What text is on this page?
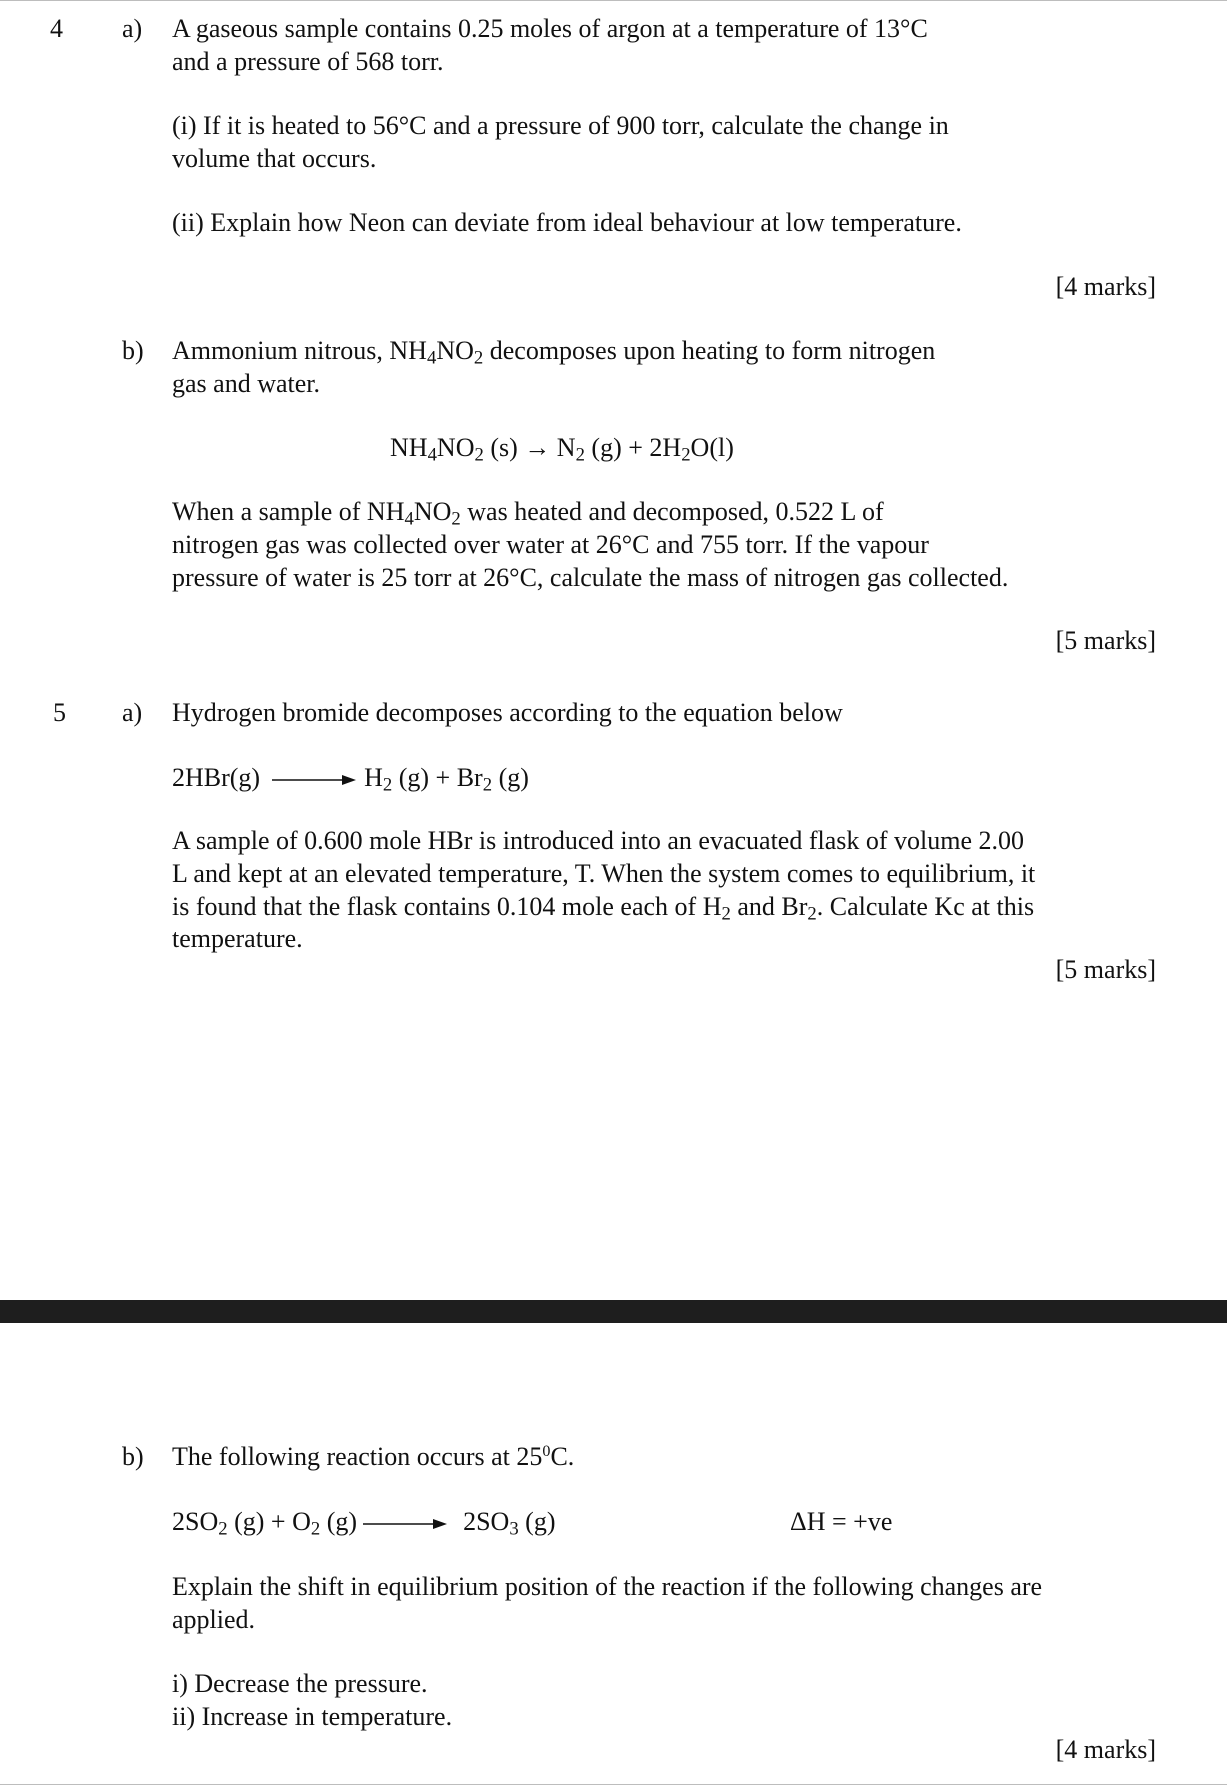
4 a) A gaseous sample contains 0.25 moles of argon at a temperature of 13°C
and a pressure of 568 torr.
(i) If it is heated to 56°C and a pressure of 900 torr, calculate the change in
volume that occurs.
(ii) Explain how Neon can deviate from ideal behaviour at low temperature.
[4 marks]
b) Ammonium nitrous, $NH_4NO_2$ decomposes upon heating to form nitrogen
gas and water.
$NH_4NO_2$ $(s) \to N_2$ $(g) + 2H_2O(l)$
When a sample of $NH_4NO_2$ was heated and decomposed, 0.522 L of
nitrogen gas was collected over water at 26°C and 755 torr. If the vapour
pressure of water is 25 torr at 26°C, calculate the mass of nitrogen gas collected.
[5 marks]
5 a) Hydrogen bromide decomposes according to the equation below
$2HBr(g) \to H_2$ $(g) + Br_2$ (g)
A sample of 0.600 mole HBr is introduced into an evacuated flask of volume 2.00
L and kept at an elevated temperature, T. When the system comes to equilibrium, it
is found that the flask contains 0.104 mole each of $H_2$ and $Br_2$. Calculate Kc at this
temperature.
[5 marks]
b) The following reaction occurs at $25^0C$.
$2SO_2$ $(g) + O_2$ $(g) \to 2SO_3$ (g)	ΔH = +ve
Explain the shift in equilibrium position of the reaction if the following changes are
applied.
i) Decrease the pressure.
ii) Increase in temperature.
[4 marks]
